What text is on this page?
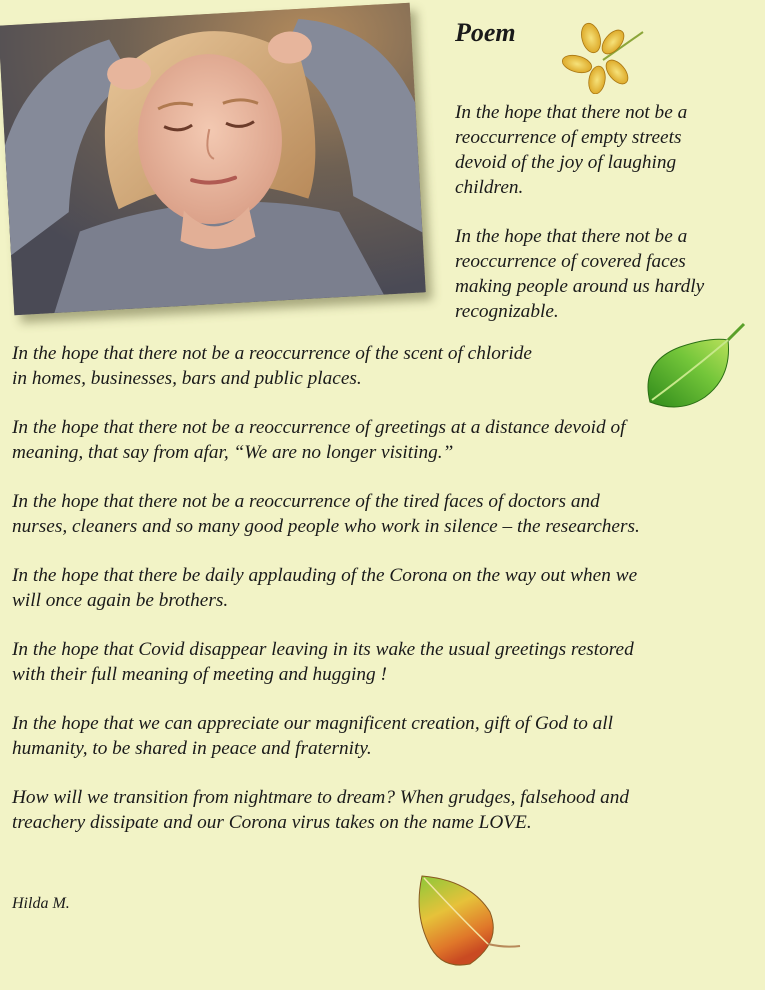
Poem

In the hope that there not be a
reoccurrence of empty streets
devoid of the joy of laughing
children.

In the hope that there not be a
reoccurrence of covered faces
making people around us hardly
recognizable.

In the hope that there not be a reoccurrence of the scent of chloride
in homes, businesses, bars and public places.

In the hope that there not be a reoccurrence of greetings at a distance devoid of
meaning, that say from afar, “We are no longer visiting.”

In the hope that there not be a reoccurrence of the tired faces of doctors and
nurses, cleaners and so many good people who work in silence – the researchers.

In the hope that there be daily applauding of the Corona on the way out when we
will once again be brothers.

In the hope that Covid disappear leaving in its wake the usual greetings restored
with their full meaning of meeting and hugging !

In the hope that we can appreciate our magnificent creation, gift of God to all
humanity, to be shared in peace and fraternity.

How will we transition from nightmare to dream? When grudges, falsehood and
treachery dissipate and our Corona virus takes on the name LOVE.

Hilda M.
